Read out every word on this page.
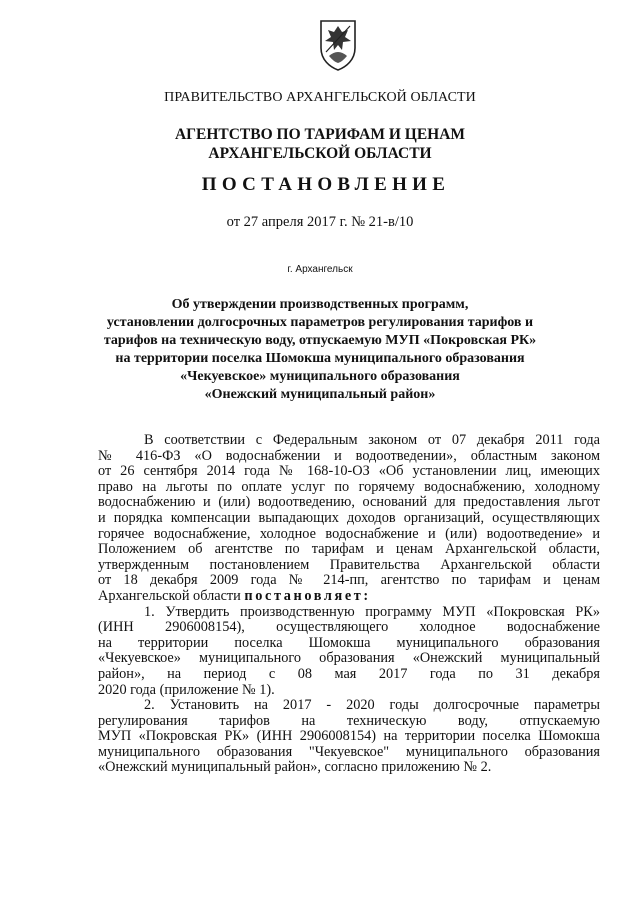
ПРАВИТЕЛЬСТВО АРХАНГЕЛЬСКОЙ ОБЛАСТИ
АГЕНТСТВО ПО ТАРИФАМ И ЦЕНАМ
АРХАНГЕЛЬСКОЙ ОБЛАСТИ
ПОСТАНОВЛЕНИЕ
от 27 апреля 2017 г. № 21-в/10
г. Архангельск
Об утверждении производственных программ,
установлении долгосрочных параметров регулирования тарифов и
тарифов на техническую воду, отпускаемую МУП «Покровская РК»
на территории поселка Шомокша муниципального образования
«Чекуевское» муниципального образования
«Онежский муниципальный район»
В соответствии с Федеральным законом от 07 декабря 2011 года
№ 416-ФЗ «О водоснабжении и водоотведении», областным законом
от 26 сентября 2014 года № 168-10-ОЗ «Об установлении лиц, имеющих
право на льготы по оплате услуг по горячему водоснабжению, холодному
водоснабжению и (или) водоотведению, оснований для предоставления льгот
и порядка компенсации выпадающих доходов организаций, осуществляющих
горячее водоснабжение, холодное водоснабжение и (или) водоотведение» и
Положением об агентстве по тарифам и ценам Архангельской области,
утвержденным постановлением Правительства Архангельской области
от 18 декабря 2009 года № 214-пп, агентство по тарифам и ценам
Архангельской области постановляет:
1. Утвердить производственную программу МУП «Покровская РК»
(ИНН 2906008154), осуществляющего холодное водоснабжение
на территории поселка Шомокша муниципального образования
«Чекуевское» муниципального образования «Онежский муниципальный
район», на период с 08 мая 2017 года по 31 декабря
2020 года (приложение № 1).
2. Установить на 2017 - 2020 годы долгосрочные параметры
регулирования тарифов на техническую воду, отпускаемую
МУП «Покровская РК» (ИНН 2906008154) на территории поселка Шомокша
муниципального образования "Чекуевское" муниципального образования
«Онежский муниципальный район», согласно приложению № 2.
